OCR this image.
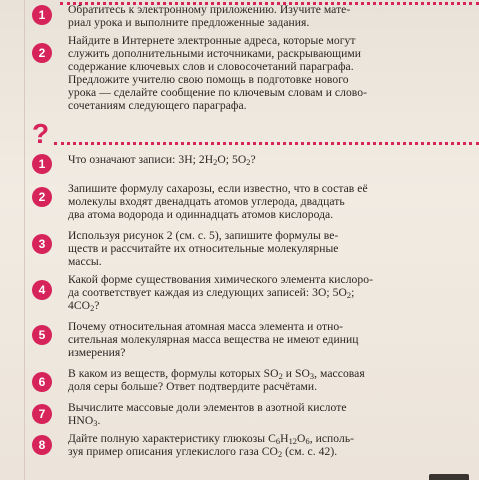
1	Обратитесь к электронному приложению. Изучите мате-
риал урока и выполните предложенные задания.
2
Найдите в Интернете электронные адреса, которые могут
служить дополнительными источниками, раскрывающими
содержание ключевых слов и словосочетаний параграфа.
Предложите учителю свою помощь в подготовке нового
урока — сделайте сообщение по ключевым словам и слово-
сочетаниям следующего параграфа.
?
1	Что означают записи: 3H; $2H_2O$; $5O_2$?
2
Запишите формулу сахарозы, если известно, что в состав её
молекулы входят двенадцать атомов углерода, двадцать
два атома водорода и одиннадцать атомов кислорода.
3
Используя рисунок 2 (см. с. 5), запишите формулы ве-
ществ и рассчитайте их относительные молекулярные
массы.
4
Какой форме существования химического элемента кислоро-
да соответствует каждая из следующих записей: 3O; $5O_2$;
$4CO_2$?
5
Почему относительная атомная масса элемента и отно-
сительная молекулярная масса вещества не имеют единиц
измерения?
6
В каком из веществ, формулы которых $SO_2$ и $SO_3$, массовая
доля серы больше? Ответ подтвердите расчётами.
7	Вычислите массовые доли элементов в азотной кислоте
$HNO_3$.
8	Дайте полную характеристику глюкозы $C_6H_{12}O_6$, исполь-
зуя пример описания углекислого газа $CO_2$ (см. с. 42).
